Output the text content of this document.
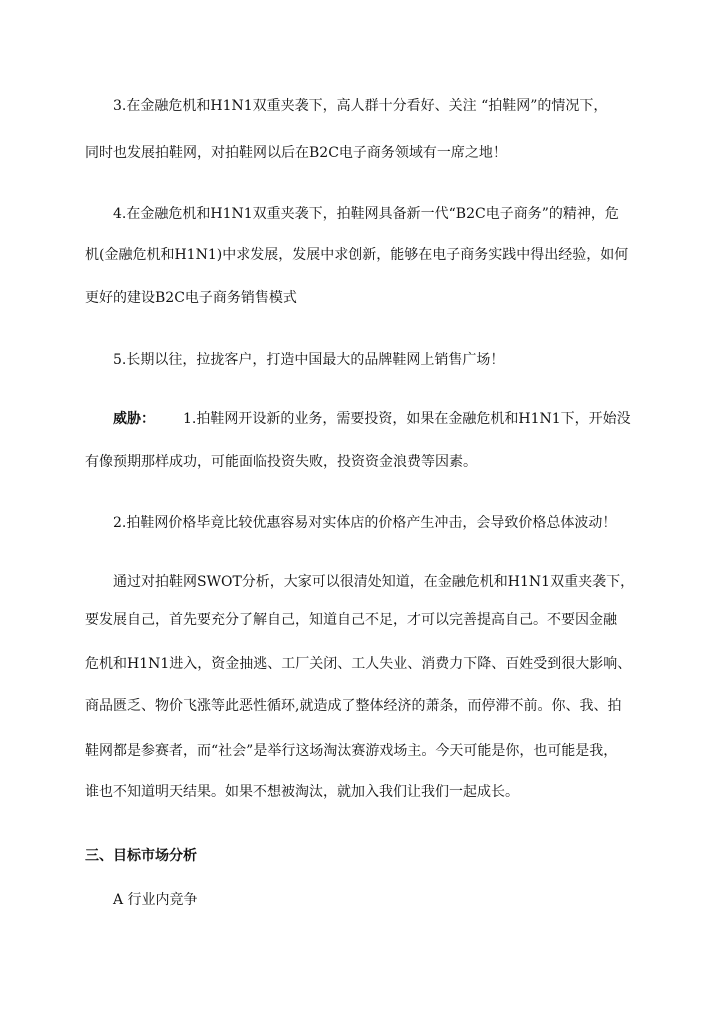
3.在金融危机和H1N1双重夹袭下，高人群十分看好、关注 “拍鞋网”的情况下，
同时也发展拍鞋网，对拍鞋网以后在B2C电子商务领域有一席之地！
4.在金融危机和H1N1双重夹袭下，拍鞋网具备新一代“B2C电子商务”的精神，危
机(金融危机和H1N1)中求发展，发展中求创新，能够在电子商务实践中得出经验，如何
更好的建设B2C电子商务销售模式
5.长期以往，拉拢客户，打造中国最大的品牌鞋网上销售广场！
威胁： 1.拍鞋网开设新的业务，需要投资，如果在金融危机和H1N1下，开始没
有像预期那样成功，可能面临投资失败，投资资金浪费等因素。
2.拍鞋网价格毕竟比较优惠容易对实体店的价格产生冲击，会导致价格总体波动！
通过对拍鞋网SWOT分析，大家可以很清处知道，在金融危机和H1N1双重夹袭下，
要发展自己，首先要充分了解自己，知道自己不足，才可以完善提高自己。不要因金融
危机和H1N1进入，资金抽逃、工厂关闭、工人失业、消费力下降、百姓受到很大影响、
商品匮乏、物价飞涨等此恶性循环,就造成了整体经济的萧条，而停滞不前。你、我、拍
鞋网都是参赛者，而“社会”是举行这场淘汰赛游戏场主。今天可能是你，也可能是我，
谁也不知道明天结果。如果不想被淘汰，就加入我们让我们一起成长。
三、目标市场分析
A 行业内竞争
